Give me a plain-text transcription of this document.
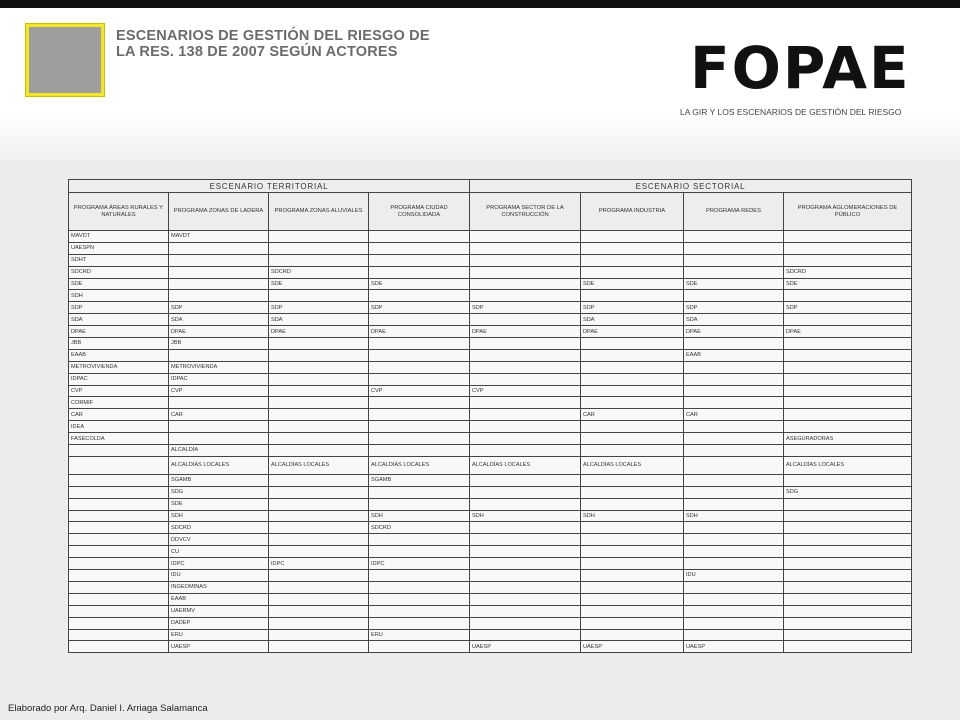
ESCENARIOS DE GESTIÓN DEL RIESGO DE
LA RES. 138 DE 2007 SEGÚN ACTORES	FOPAE
LA GIR Y LOS ESCENARIOS DE GESTIÓN DEL RIESGO
ESCENARIO TERRITORIAL				ESCENARIO SECTORIAL			
PROGRAMA ÁREAS RURALES Y NATURALES	PROGRAMA ZONAS DE LADERA	PROGRAMA ZONAS ALUVIALES	PROGRAMA CIUDAD CONSOLIDADA	PROGRAMA SECTOR DE LA CONSTRUCCIÓN	PROGRAMA INDUSTRIA	PROGRAMA REDES	PROGRAMA AGLOMERACIONES DE PÚBLICO
MAVDT	MAVDT						
UAESPN							
SDHT							
SDCRD		SDCRD					SDCRD
SDE		SDE	SDE		SDE	SDE	SDE
SDH							
SDP	SDP	SDP	SDP	SDP	SDP	SDP	SDP
SDA	SDA	SDA			SDA	SDA	
DPAE	DPAE	DPAE	DPAE	DPAE	DPAE	DPAE	DPAE
JBB	JBB						
EAAB						EAAB	
METROVIVIENDA	METROVIVIENDA						
IDPAC	IDPAC						
CVP	CVP		CVP	CVP			
CORMIF							
CAR	CAR				CAR	CAR	
IDEA							
FASECOLDA							ASEGURADORAS
	ALCALDÍA						
	ALCALDÍAS LOCALES	ALCALDÍAS LOCALES	ALCALDÍAS LOCALES	ALCALDÍAS LOCALES	ALCALDÍAS LOCALES		ALCALDÍAS LOCALES
	SGAMB		SGAMB				
	SDG						SDG
	SDE						
	SDH		SDH	SDH	SDH	SDH	
	SDCRD		SDCRD				
	DDVCV						
	CU						
	IDPC	IDPC	IDPC				
	IDU					IDU	
	INGEOMINAS						
	EAAB						
	UAERMV						
	DADEP						
	ERU		ERU				
	UAESP			UAESP	UAESP	UAESP	

Elaborado por Arq. Daniel I. Arriaga Salamanca
